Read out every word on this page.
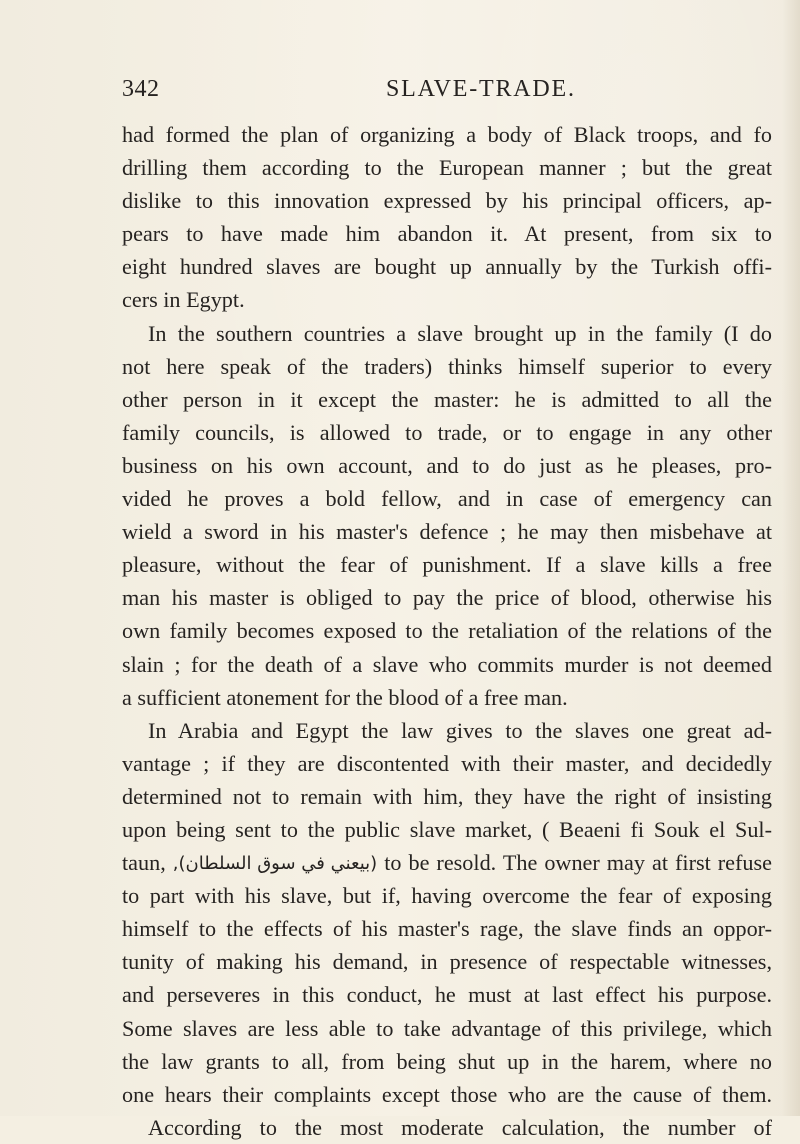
342	SLAVE-TRADE.
had formed the plan of organizing a body of Black troops, and fo
drilling them according to the European manner ; but the great
dislike to this innovation expressed by his principal officers, ap-
pears to have made him abandon it. At present, from six to
eight hundred slaves are bought up annually by the Turkish offi-
cers in Egypt.
In the southern countries a slave brought up in the family (I do
not here speak of the traders) thinks himself superior to every
other person in it except the master: he is admitted to all the
family councils, is allowed to trade, or to engage in any other
business on his own account, and to do just as he pleases, pro-
vided he proves a bold fellow, and in case of emergency can
wield a sword in his master's defence ; he may then misbehave at
pleasure, without the fear of punishment. If a slave kills a free
man his master is obliged to pay the price of blood, otherwise his
own family becomes exposed to the retaliation of the relations of the
slain ; for the death of a slave who commits murder is not deemed
a sufficient atonement for the blood of a free man.
In Arabia and Egypt the law gives to the slaves one great ad-
vantage ; if they are discontented with their master, and decidedly
determined not to remain with him, they have the right of insisting
upon being sent to the public slave market, ( Beaeni fi Souk el Sul-
taun, (بيعني في سوق السلطان), to be resold. The owner may at first refuse
to part with his slave, but if, having overcome the fear of exposing
himself to the effects of his master's rage, the slave finds an oppor-
tunity of making his demand, in presence of respectable witnesses,
and perseveres in this conduct, he must at last effect his purpose.
Some slaves are less able to take advantage of this privilege, which
the law grants to all, from being shut up in the harem, where no
one hears their complaints except those who are the cause of them.
According to the most moderate calculation, the number of
